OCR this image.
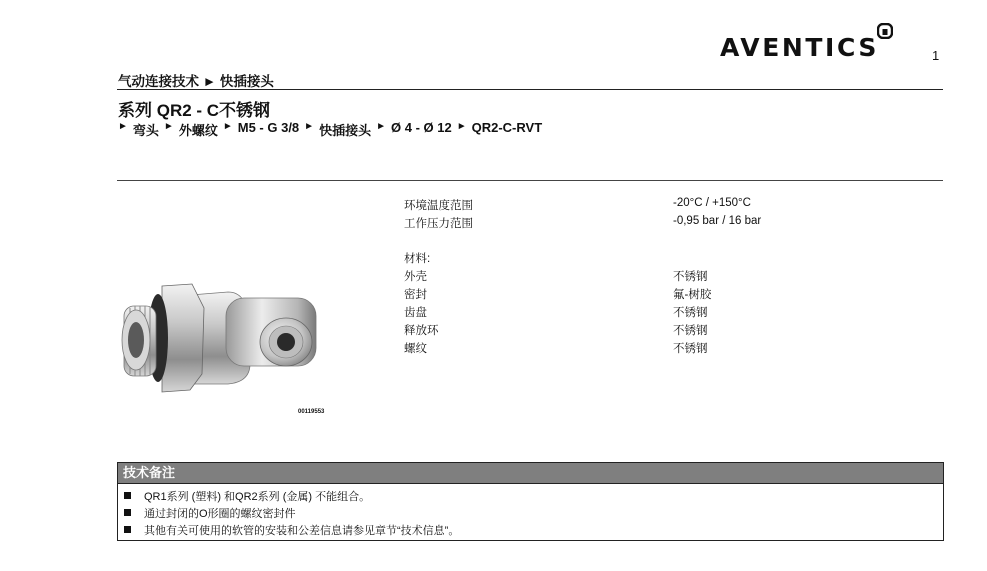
AVENTICS	1
气动连接技术 ► 快插接头
系列 QR2 - C不锈钢
► 弯头 ► 外螺纹 ► M5 - G 3/8 ► 快插接头 ► Ø 4 - Ø 12 ► QR2-C-RVT
00119553
环境温度范围	-20°C / +150°C
工作压力范围	-0,95 bar / 16 bar
材料:
外壳	不锈钢
密封	氟-树胶
齿盘	不锈钢
释放环	不锈钢
螺纹	不锈钢
技术备注
QR1系列 (塑料) 和QR2系列 (金属) 不能组合。
通过封闭的O形圈的螺纹密封件
其他有关可使用的软管的安装和公差信息请参见章节“技术信息”。
